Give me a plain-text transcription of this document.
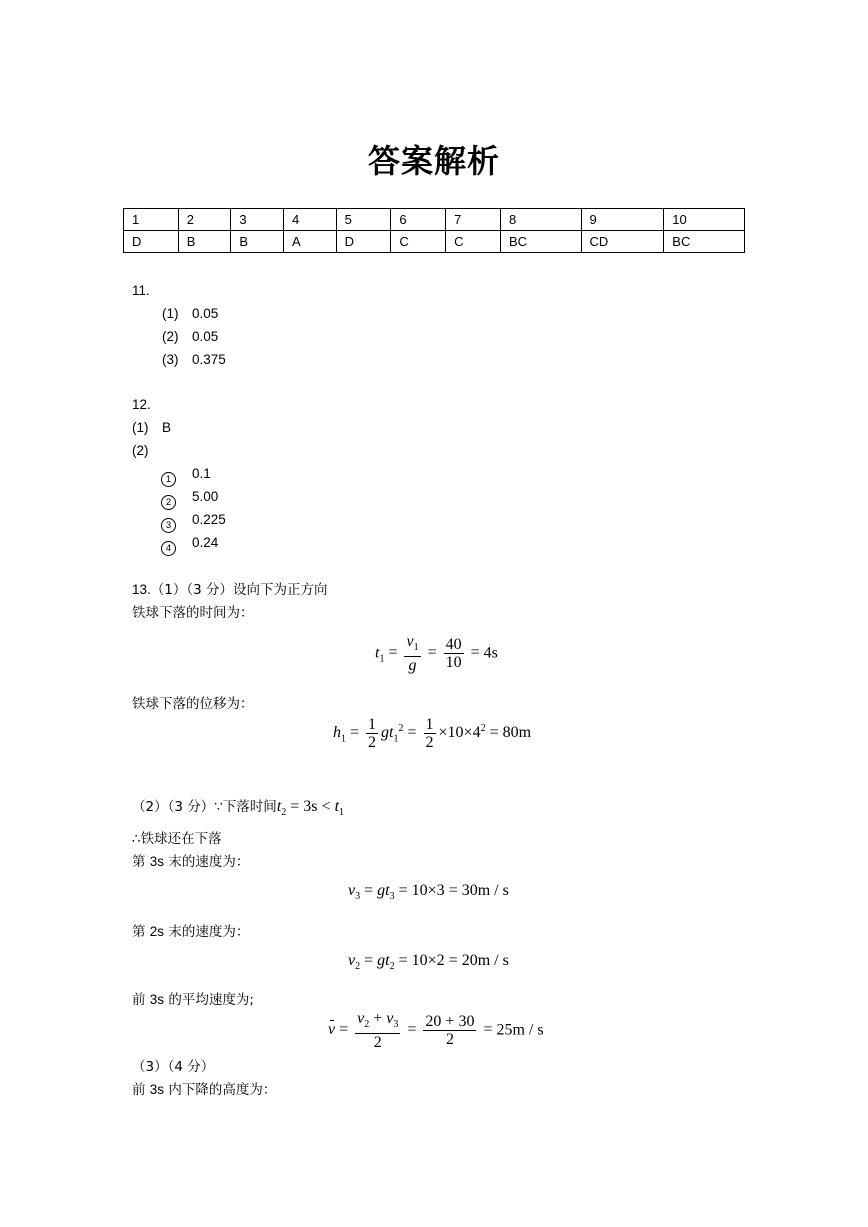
答案解析
1	2	3	4	5	6	7	8	9	10
D	B	B	A	D	C	C	BC	CD	BC
11.
(1) 0.05
(2) 0.05
(3) 0.375
12.
(1) B
(2)
1	0.1
2	5.00
3	0.225
4	0.24
13.（1）（3 分）设向下为正方向
铁球下落的时间为：
$t_1 = \frac{v_1}{g} = \frac{40}{10} = 4s$
铁球下落的位移为：
$h_1 = \frac{1}{2} gt_1^2 = \frac{1}{2} \times 10\times 4^2 = 80m$
（2）（3 分）∵下落时间$t_2 = 3s < t_1$
∴铁球还在下落
第 3s 末的速度为：
$v_3 = gt_3 = 10\times 3 = 30m / s$
第 2s 末的速度为：
$v_2 = gt_2 = 10\times 2 = 20m / s$
前 3s 的平均速度为;
$v = \frac{v_2 + v_3}{2} = \frac{20 + 30}{2} = 25m / s$
（3）（4 分）
前 3s 内下降的高度为：
